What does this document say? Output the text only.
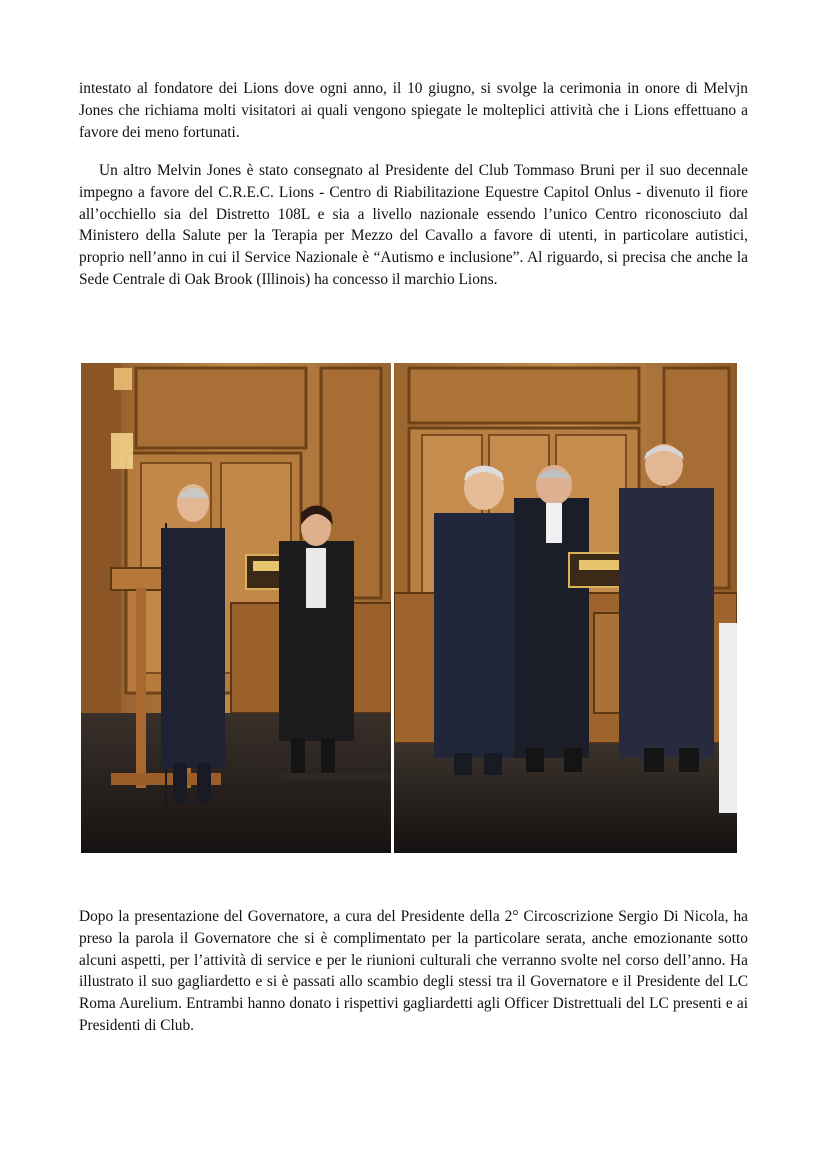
intestato al fondatore dei Lions dove ogni anno, il 10 giugno, si svolge la cerimonia in onore di Melvjn Jones che richiama molti visitatori ai quali vengono spiegate le molteplici attività che i Lions effettuano a favore dei meno fortunati.

Un altro Melvin Jones è stato consegnato al Presidente del Club Tommaso Bruni per il suo decennale impegno a favore del C.R.E.C. Lions - Centro di Riabilitazione Equestre Capitol Onlus - divenuto il fiore all’occhiello sia del Distretto 108L e sia a livello nazionale essendo l’unico Centro riconosciuto dal Ministero della Salute per la Terapia per Mezzo del Cavallo a favore di utenti, in particolare autistici, proprio nell’anno in cui il Service Nazionale è “Autismo e inclusione”. Al riguardo, si precisa che anche la Sede Centrale di Oak Brook (Illinois) ha concesso il marchio Lions.

Dopo la presentazione del Governatore, a cura del Presidente della 2° Circoscrizione Sergio Di Nicola, ha preso la parola il Governatore che si è complimentato per la particolare serata, anche emozionante sotto alcuni aspetti, per l’attività di service e per le riunioni culturali che verranno svolte nel corso dell’anno. Ha illustrato il suo gagliardetto e si è passati allo scambio degli stessi tra il Governatore e il Presidente del LC Roma Aurelium. Entrambi hanno donato i rispettivi gagliardetti agli Officer Distrettuali del LC presenti e ai Presidenti di Club.
